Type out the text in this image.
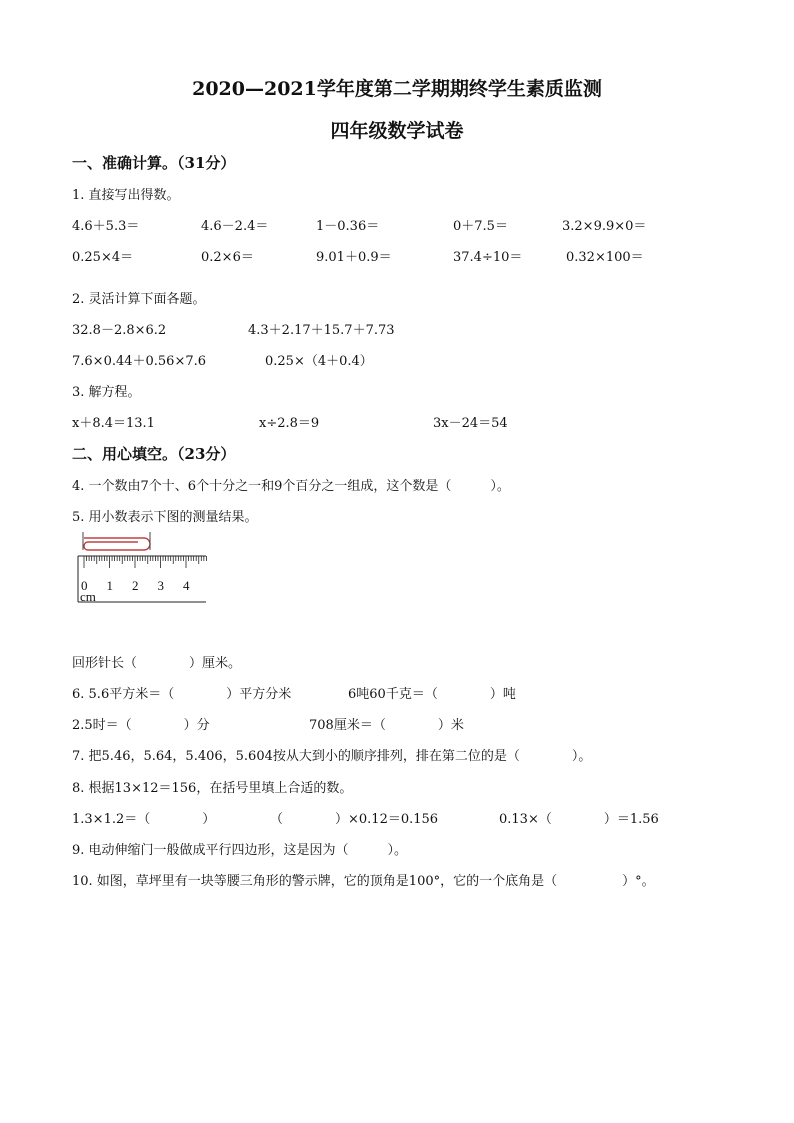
2020—2021学年度第二学期期终学生素质监测
四年级数学试卷
一、准确计算。（31分）
1. 直接写出得数。
4.6＋5.3＝	4.6－2.4＝	1－0.36＝	0＋7.5＝	3.2×9.9×0＝
0.25×4＝	0.2×6＝	9.01＋0.9＝	37.4÷10＝	0.32×100＝
2. 灵活计算下面各题。
32.8－2.8×6.2	4.3＋2.17＋15.7＋7.73
7.6×0.44＋0.56×7.6	0.25×（4＋0.4）
3. 解方程。
x＋8.4＝13.1	x÷2.8＝9	3x－24＝54
二、用心填空。（23分）
4. 一个数由7个十、6个十分之一和9个百分之一组成，这个数是（　　　）。
5. 用小数表示下图的测量结果。
0 1 2 3 4
cm
回形针长（　　　　）厘米。
6. 5.6平方米＝（　　　　）平方分米	6吨60千克＝（　　　　）吨
2.5时＝（　　　　）分	708厘米＝（　　　　）米
7. 把5.46，5.64，5.406，5.604按从大到小的顺序排列，排在第二位的是（　　　　）。
8. 根据13×12＝156，在括号里填上合适的数。
1.3×1.2＝（　　　　）	（　　　　）×0.12＝0.156	0.13×（　　　　）＝1.56
9. 电动伸缩门一般做成平行四边形，这是因为（　　　）。
10. 如图，草坪里有一块等腰三角形的警示牌，它的顶角是100°，它的一个底角是（　　　　　）°。
